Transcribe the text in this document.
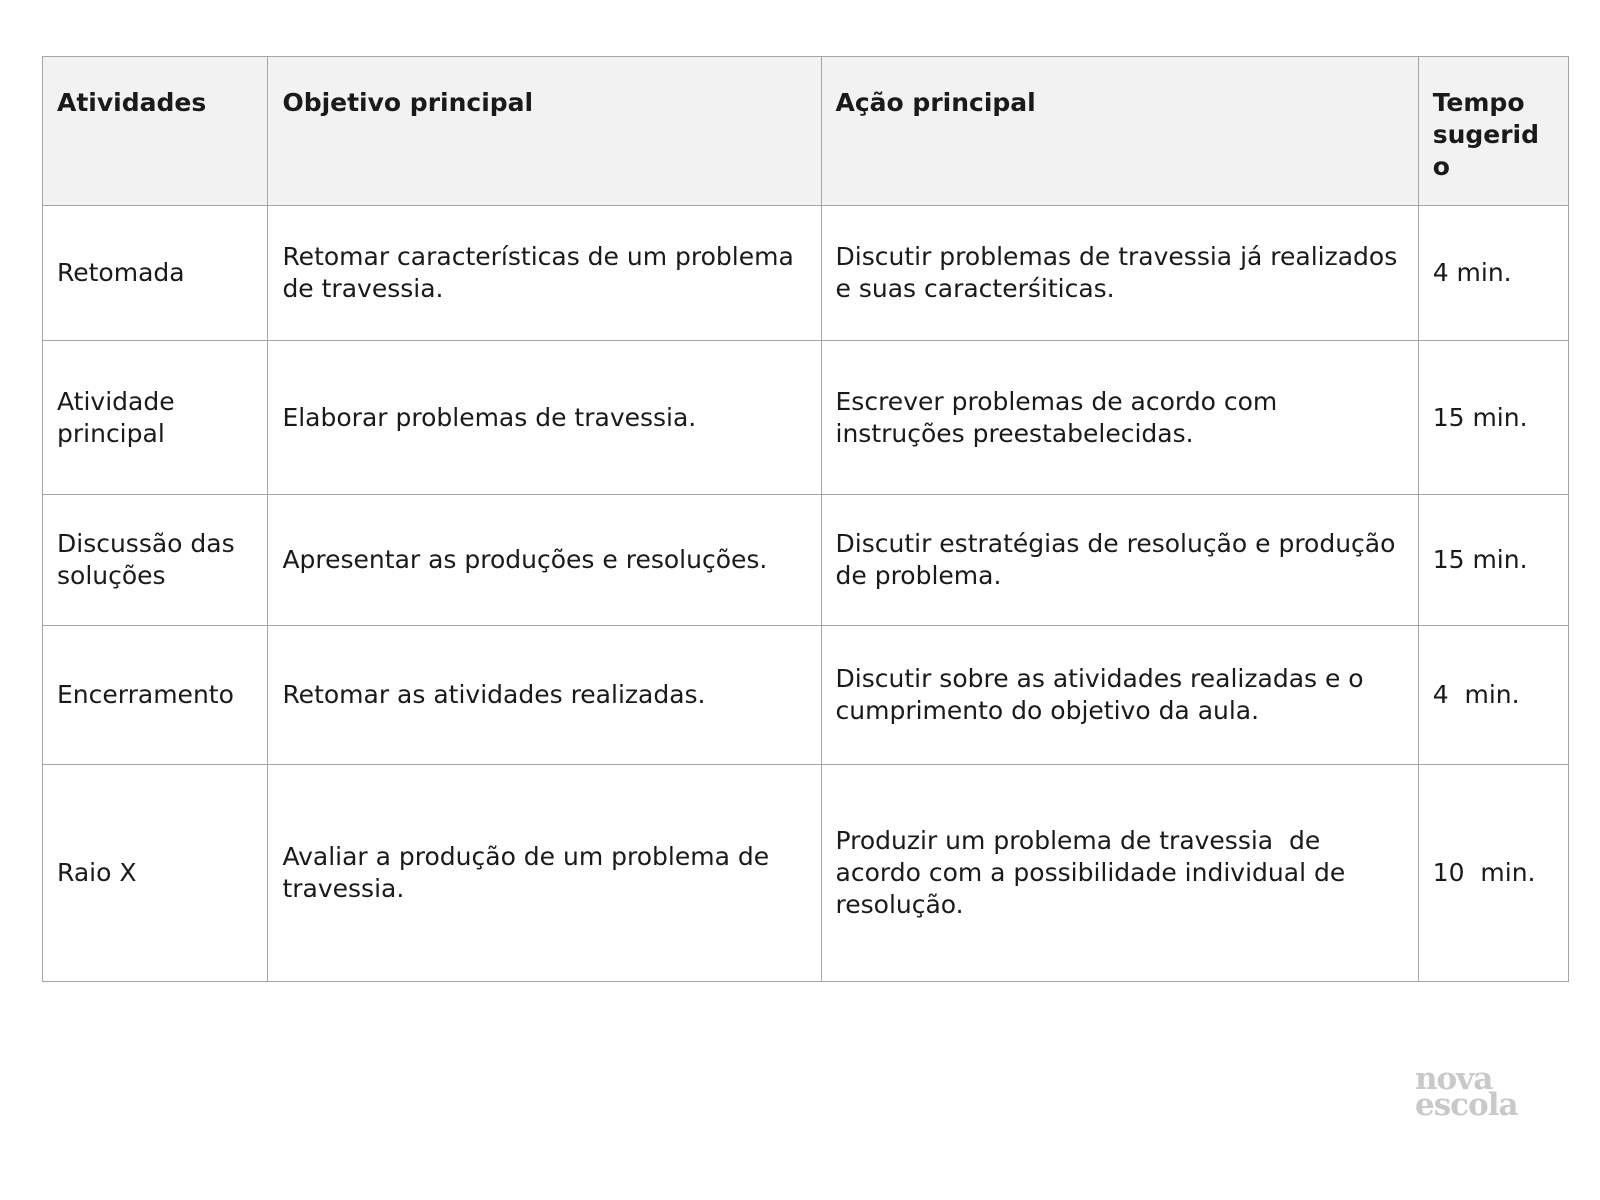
Atividades	Objetivo principal	Ação principal	Tempo sugerido
Retomada	Retomar características de um problema de travessia.	Discutir problemas de travessia já realizados e suas caracterśiticas.	4 min.
Atividade principal	Elaborar problemas de travessia.	Escrever problemas de acordo com instruções preestabelecidas.	15 min.
Discussão das soluções	Apresentar as produções e resoluções.	Discutir estratégias de resolução e produção de problema.	15 min.
Encerramento	Retomar as atividades realizadas.	Discutir sobre as atividades realizadas e o cumprimento do objetivo da aula.	4  min.
Raio X	Avaliar a produção de um problema de travessia.	Produzir um problema de travessia  de acordo com a possibilidade individual de resolução.	10  min.
nova
escola
